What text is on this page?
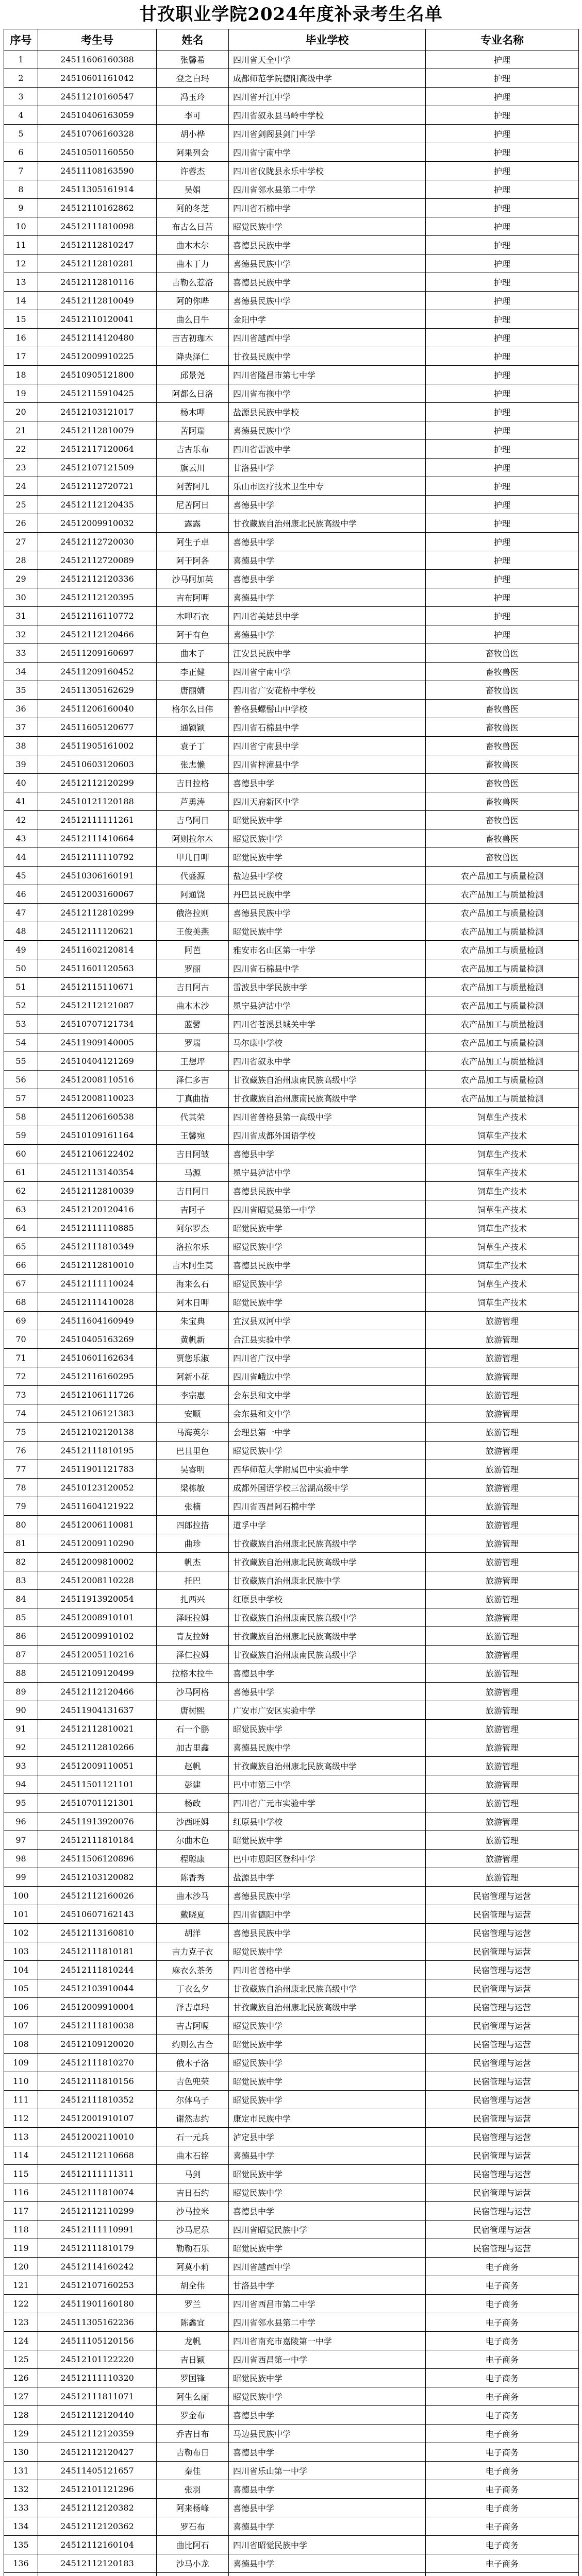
甘孜职业学院2024年度补录考生名单
序号	考生号	姓名	毕业学校	专业名称
1	24511606160388	张馨希	四川省天全中学	护理
2	24510601161042	登之白玛	成都师范学院德阳高级中学	护理
3	24511210160547	冯玉玲	四川省开江中学	护理
4	24510406163059	李可	四川省叙永县马岭中学校	护理
5	24510706160328	胡小桦	四川省剑阁县剑门中学	护理
6	24510501160550	阿果列会	四川省宁南中学	护理
7	24511108163590	许蓉杰	四川省仪陇县永乐中学校	护理
8	24511305161914	吴娟	四川省邻水县第二中学	护理
9	24512110162862	阿的冬芝	四川省石棉中学	护理
10	24512111810098	布古么日苦	昭觉民族中学	护理
11	24512112810247	曲木木尔	喜德县民族中学	护理
12	24512112810281	曲木丁力	喜德县民族中学	护理
13	24512112810116	吉勒么惹洛	喜德县民族中学	护理
14	24512112810049	阿的你哔	喜德县民族中学	护理
15	24512110120041	曲么日牛	金阳中学	护理
16	24512114120480	吉吉初珈木	四川省越西中学	护理
17	24512009910225	降央泽仁	甘孜县民族中学	护理
18	24510905121800	邱景尧	四川省隆昌市第七中学	护理
19	24512115910425	阿都么日洛	四川省布拖中学	护理
20	24512103121017	杨木呷	盐源县民族中学校	护理
21	24512112810079	苦阿瑞	喜德县民族中学	护理
22	24512117120064	吉古乐布	四川省雷波中学	护理
23	24512107121509	旗云川	甘洛县中学	护理
24	24512112720721	阿苦阿几	乐山市医疗技术卫生中专	护理
25	24512112120435	尼苦阿日	喜德县中学	护理
26	24512009910032	露露	甘孜藏族自治州康北民族高级中学	护理
27	24512112720030	阿生子卓	喜德县中学	护理
28	24512112720089	阿于阿各	喜德县中学	护理
29	24512112120336	沙马阿加英	喜德县中学	护理
30	24512112120395	吉布阿呷	喜德县中学	护理
31	24512116110772	木呷石衣	四川省美姑县中学	护理
32	24512112120466	阿于有色	喜德县中学	护理
33	24511209160697	曲木子	江安县民族中学	畜牧兽医
34	24511209160452	李正健	四川省宁南中学	畜牧兽医
35	24511305162629	唐丽婧	四川省广安花桥中学校	畜牧兽医
36	24511206160040	格尔么日伟	普格县螺髻山中学校	畜牧兽医
37	24511605120677	通颖颖	四川省石棉县中学	畜牧兽医
38	24511905161002	袁子丁	四川省宁南县中学	畜牧兽医
39	24510603120603	张忠懒	四川省梓潼县中学	畜牧兽医
40	24512112120299	吉日拉格	喜德县中学	畜牧兽医
41	24510121120188	芦勇涛	四川天府新区中学	畜牧兽医
42	24512111111261	吉乌阿日	昭觉民族中学	畜牧兽医
43	24512111410664	阿则拉尔木	昭觉民族中学	畜牧兽医
44	24512111110792	甲几日呷	昭觉民族中学	畜牧兽医
45	24510306160191	代盛源	盐边县中学校	农产品加工与质量检测
46	24512003160067	阿通饶	丹巴县民族中学	农产品加工与质量检测
47	24512112810299	俄洛拉则	喜德县民族中学	农产品加工与质量检测
48	24512111120621	王俊美燕	昭觉民族中学	农产品加工与质量检测
49	24511602120814	阿芭	雅安市名山区第一中学	农产品加工与质量检测
50	24511601120563	罗丽	四川省石棉县中学	农产品加工与质量检测
51	24512115110671	吉日阿古	雷波县中学民族中学	农产品加工与质量检测
52	24512112121087	曲木木沙	冕宁县泸沽中学	农产品加工与质量检测
53	24510707121734	蓝馨	四川省苍溪县城关中学	农产品加工与质量检测
54	24511909140005	罗瑞	马尔康中学校	农产品加工与质量检测
55	24510404121269	王想坪	四川省叙永中学	农产品加工与质量检测
56	24512008110516	泽仁多吉	甘孜藏族自治州康南民族高级中学	农产品加工与质量检测
57	24512008110023	丁真曲措	甘孜藏族自治州康南民族高级中学	农产品加工与质量检测
58	24511206160538	代其荣	四川省普格县第一高级中学	饲草生产技术
59	24510109161164	王馨宛	四川省成都外国语学校	饲草生产技术
60	24512106122402	吉日阿皱	喜德县中学	饲草生产技术
61	24512113140354	马源	冕宁县泸沽中学	饲草生产技术
62	24512112810039	吉日阿日	喜德县民族中学	饲草生产技术
63	24512120120416	吉阿子	四川省昭觉县第一中学	饲草生产技术
64	24512111110885	阿尔罗杰	昭觉民族中学	饲草生产技术
65	24512111810349	洛拉尔乐	昭觉民族中学	饲草生产技术
66	24512112810010	吉木阿生莫	喜德县民族中学	饲草生产技术
67	24512111110024	海来么石	昭觉民族中学	饲草生产技术
68	24512111410028	阿木日呷	昭觉民族中学	饲草生产技术
69	24511604160949	朱宝典	宜汉县双河中学	旅游管理
70	24510405163269	黄帆新	合江县实验中学	旅游管理
71	24510601162634	贾您乐淑	四川省广汉中学	旅游管理
72	24512116160295	阿新小花	四川省峨边中学	旅游管理
73	24512106111726	李宗惠	会东县和文中学	旅游管理
74	24512106121383	安顺	会东县和文中学	旅游管理
75	24512102120138	马海英尔	会理县第一中学	旅游管理
76	24512111810195	巴且里色	昭觉民族中学	旅游管理
77	24511901121783	吴睿明	西华师范大学附属巴中实验中学	旅游管理
78	24510123120052	梁栋敏	成都外国语学校三岔湖高级中学	旅游管理
79	24511604121922	张楠	四川省西昌阿石棉中学	旅游管理
80	24512006110081	四郎拉措	道孚中学	旅游管理
81	24512009110290	曲珍	甘孜藏族自治州康北民族高级中学	旅游管理
82	24512009810002	帆杰	甘孜藏族自治州康北民族高级中学	旅游管理
83	24512008110228	托巴	甘孜藏族自治州康北民族中学	旅游管理
84	24511913920054	扎西兴	红原县中学校	旅游管理
85	24512008910101	泽旺拉姆	甘孜藏族自治州康南民族高级中学	旅游管理
86	24512009910102	青友拉姆	甘孜藏族自治州康北民族高级中学	旅游管理
87	24512005110216	泽仁拉姆	甘孜藏族自治州康南民族高级中学	旅游管理
88	24512109120499	拉格木拉牛	喜德县中学	旅游管理
89	24512112120466	沙马阿格	喜德县中学	旅游管理
90	24511904131637	唐树熙	广安市广安区实验中学	旅游管理
91	24512112810021	石一个鹏	昭觉民族中学	旅游管理
92	24512112810266	加古里鑫	喜德县民族中学	旅游管理
93	24512009110051	赵帆	甘孜藏族自治州康北民族高级中学	旅游管理
94	24511501121101	彭建	巴中市第三中学	旅游管理
95	24510701121301	杨政	四川省广元市实验中学	旅游管理
96	24511913920076	沙西旺姆	红原县中学校	旅游管理
97	24512111810184	尔曲木色	昭觉民族中学	旅游管理
98	24511506120896	程聪康	巴中市恩阳区登科中学	旅游管理
99	24512103120082	陈香秀	盐源县中学	旅游管理
100	24512112160026	曲木沙马	喜德县民族中学	民宿管理与运营
101	24510607162143	戴晓夏	四川省德阳中学	民宿管理与运营
102	24512113160810	胡洋	喜德县民族中学	民宿管理与运营
103	24512111810181	吉力克子衣	昭觉民族中学	民宿管理与运营
104	24512111810244	麻衣么茶务	四川省普格中学	民宿管理与运营
105	24512103910044	丁衣么夕	甘孜藏族自治州康北民族高级中学	民宿管理与运营
106	24512009910004	泽吉卓玛	甘孜藏族自治州康北民族高级中学	民宿管理与运营
107	24512111810038	吉古阿喔	昭觉民族中学	民宿管理与运营
108	24512109120020	约则么古合	昭觉民族中学	民宿管理与运营
109	24512111810270	俄木子洛	昭觉民族中学	民宿管理与运营
110	24512111810156	吉色兜荣	昭觉民族中学	民宿管理与运营
111	24512111810352	尔体乌子	昭觉民族中学	民宿管理与运营
112	24512001910107	谢然志约	康定市民族中学	民宿管理与运营
113	24512002110010	石一元兵	泸定县中学	民宿管理与运营
114	24512112110668	曲木石铭	喜德县中学	民宿管理与运营
115	24512111111311	马剑	昭觉民族中学	民宿管理与运营
116	24512111810074	吉日石约	昭觉民族中学	民宿管理与运营
117	24512112110299	沙马拉米	喜德县中学	民宿管理与运营
118	24512111110991	沙马尼尕	四川省昭觉民族中学	民宿管理与运营
119	24512111810179	勒勒石乐	昭觉民族中学	民宿管理与运营
120	24512114160242	阿莫小莉	四川省越西中学	电子商务
121	24512107160253	胡全伟	甘洛县中学	电子商务
122	24511901160180	罗兰	四川省西昌市第二中学	电子商务
123	24511305162236	陈鑫宜	四川省邻水县第二中学	电子商务
124	24511105120156	龙帆	四川省南充市嘉陵第一中学	电子商务
125	24512101122220	吉日颖	四川省西昌第一中学	电子商务
126	24512111110320	罗国锋	昭觉民族中学	电子商务
127	24512111811071	阿生么丽	昭觉民族中学	电子商务
128	24512112120440	罗金布	喜德县中学	电子商务
129	24512112120359	乔吉日布	马边县民族中学	电子商务
130	24512112120427	吉勒布日	喜德县中学	电子商务
131	24511405121657	秦佳	四川省乐山第一中学	电子商务
132	24512101121296	张羽	喜德县中学	电子商务
133	24512112120382	阿来杨峰	喜德县中学	电子商务
134	24512112120362	罗石布	喜德县中学	电子商务
135	24512112160104	曲比阿石	四川省昭觉民族中学	电子商务
136	24512112120183	沙马小龙	喜德县中学	电子商务
